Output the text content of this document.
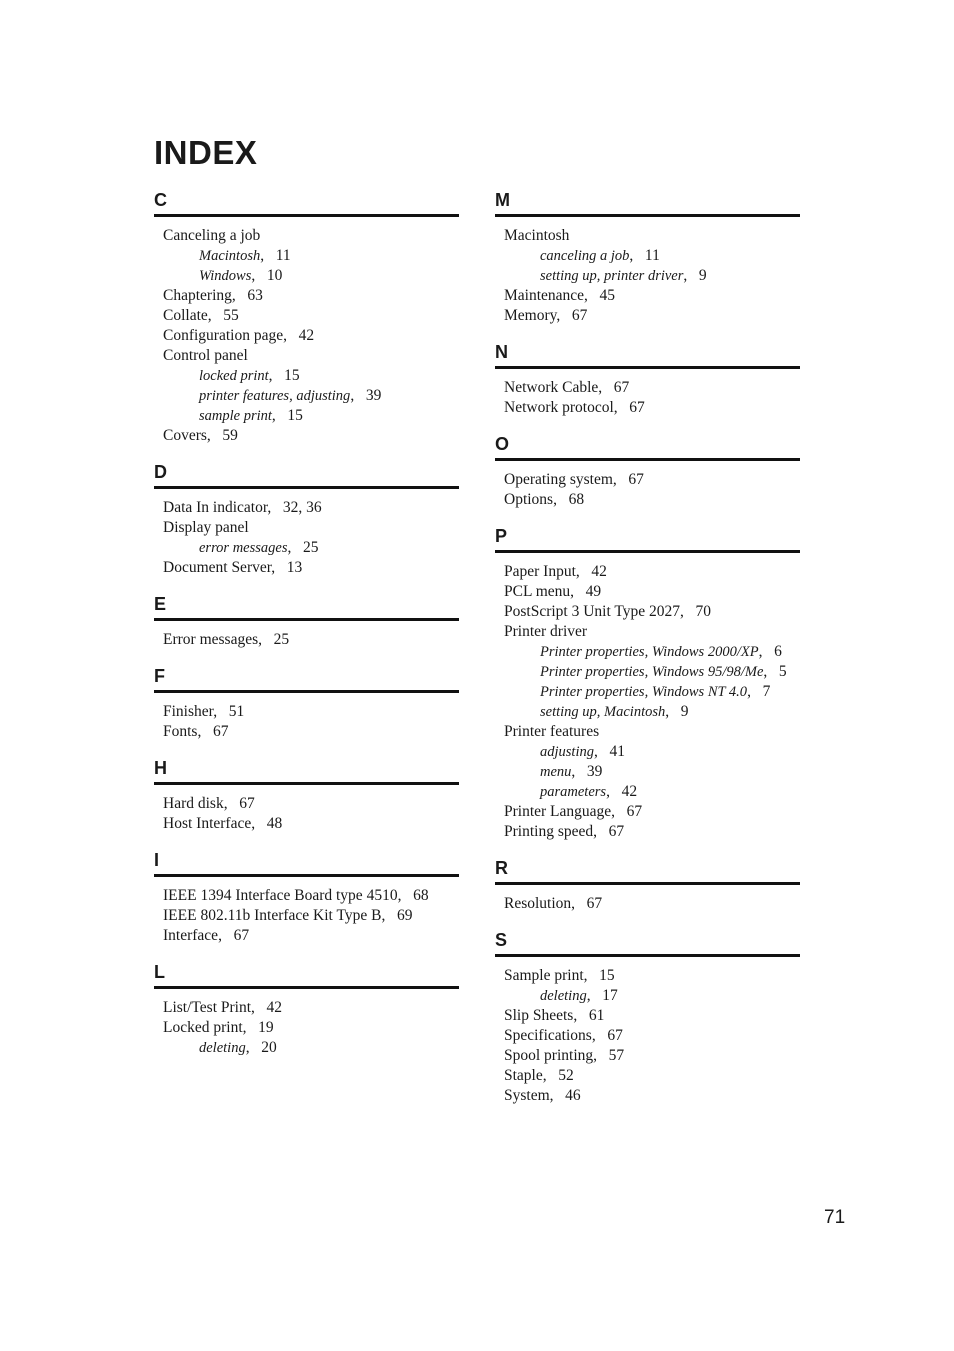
INDEX
C
Canceling a job
Macintosh,   11
Windows,   10
Chaptering,   63
Collate,   55
Configuration page,   42
Control panel
locked print,   15
printer features, adjusting,   39
sample print,   15
Covers,   59
D
Data In indicator,   32, 36
Display panel
error messages,   25
Document Server,   13
E
Error messages,   25
F
Finisher,   51
Fonts,   67
H
Hard disk,   67
Host Interface,   48
I
IEEE 1394 Interface Board type 4510,   68
IEEE 802.11b Interface Kit Type B,   69
Interface,   67
L
List/Test Print,   42
Locked print,   19
deleting,   20
M
Macintosh
canceling a job,   11
setting up, printer driver,   9
Maintenance,   45
Memory,   67
N
Network Cable,   67
Network protocol,   67
O
Operating system,   67
Options,   68
P
Paper Input,   42
PCL menu,   49
PostScript 3 Unit Type 2027,   70
Printer driver
Printer properties, Windows 2000/XP,   6
Printer properties, Windows 95/98/Me,   5
Printer properties, Windows NT 4.0,   7
setting up, Macintosh,   9
Printer features
adjusting,   41
menu,   39
parameters,   42
Printer Language,   67
Printing speed,   67
R
Resolution,   67
S
Sample print,   15
deleting,   17
Slip Sheets,   61
Specifications,   67
Spool printing,   57
Staple,   52
System,   46
71
